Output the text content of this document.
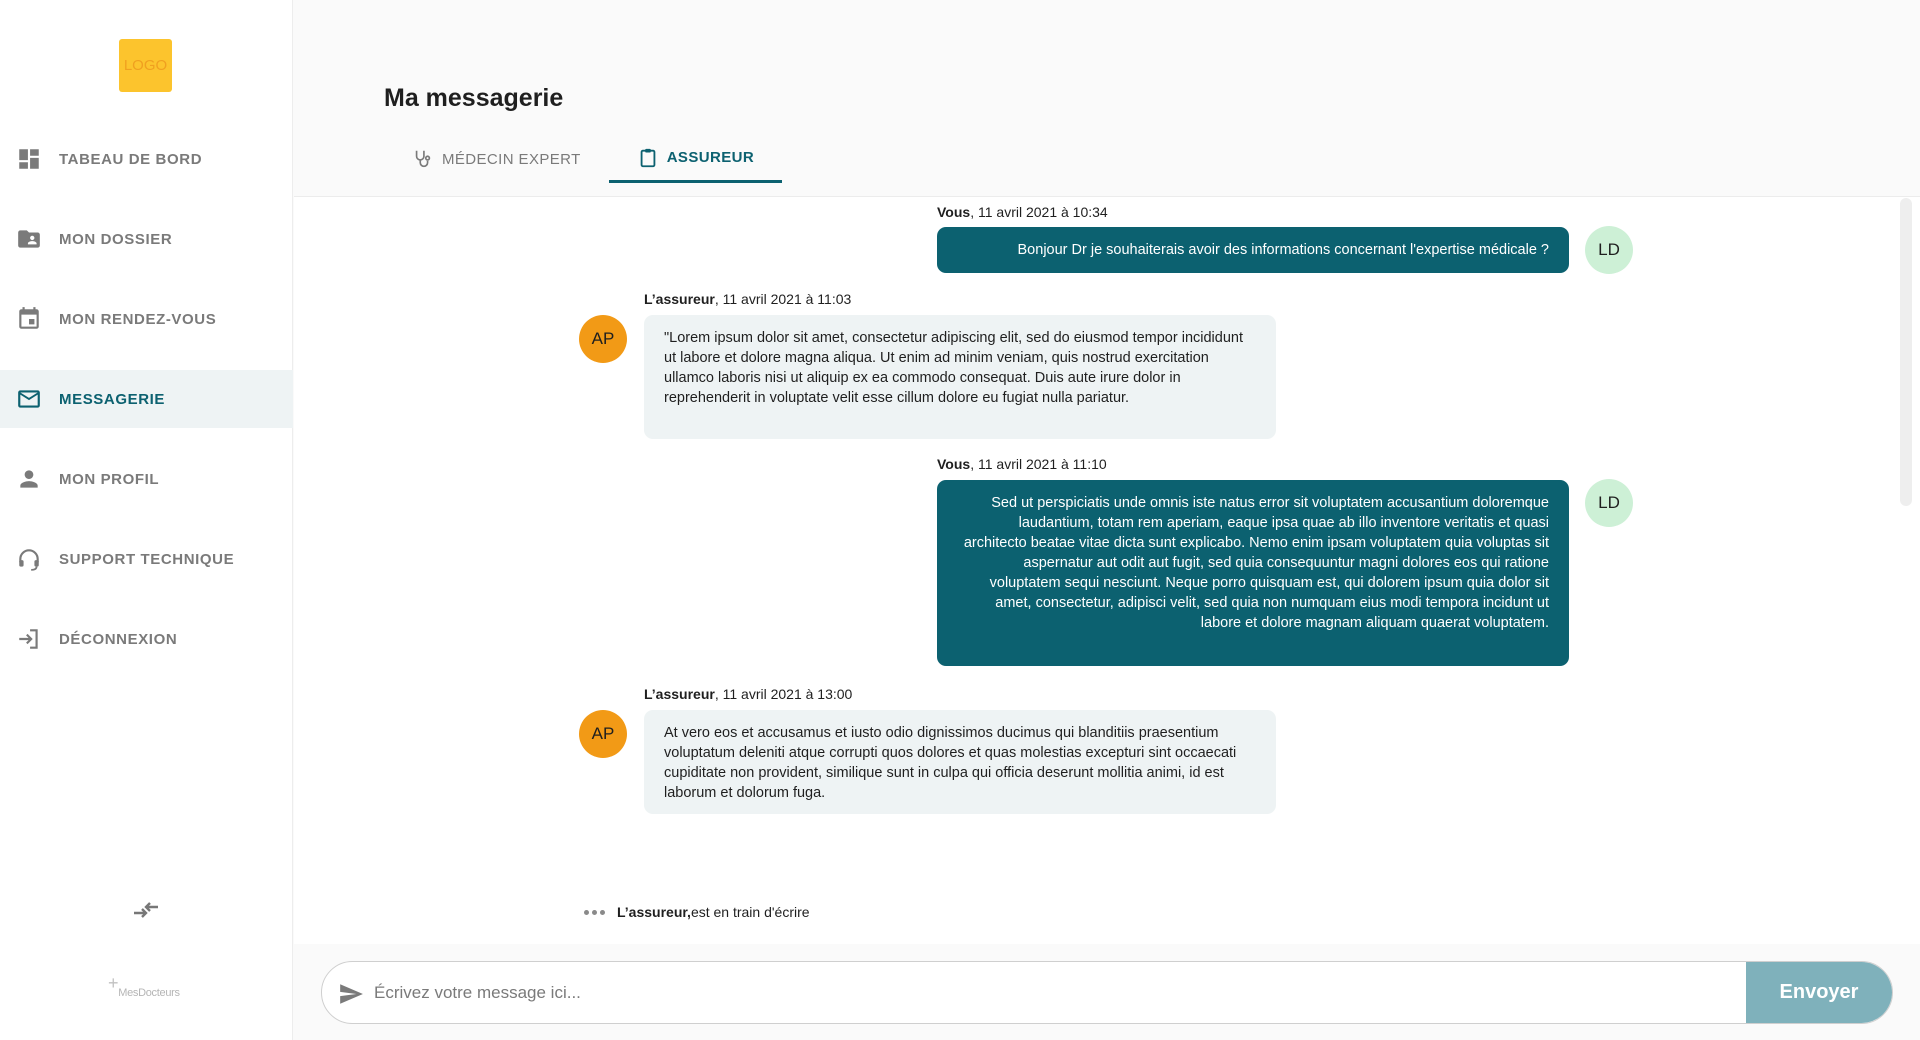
LOGO
TABEAU DE BORD
MON DOSSIER
MON RENDEZ-VOUS
MESSAGERIE
MON PROFIL
SUPPORT TECHNIQUE
DÉCONNEXION
+MesDocteurs
Ma messagerie
MÉDECIN EXPERT	ASSUREUR
Vous, 11 avril 2021 à 10:34
Bonjour Dr je souhaiterais avoir des informations concernant l'expertise médicale ?	LD
L’assureur, 11 avril 2021 à 11:03
"Lorem ipsum dolor sit amet, consectetur adipiscing elit, sed do eiusmod tempor incididunt ut labore et dolore magna aliqua. Ut enim ad minim veniam, quis nostrud exercitation ullamco laboris nisi ut aliquip ex ea commodo consequat. Duis aute irure dolor in reprehenderit in voluptate velit esse cillum dolore eu fugiat nulla pariatur.
AP
Vous, 11 avril 2021 à 11:10
Sed ut perspiciatis unde omnis iste natus error sit voluptatem accusantium doloremque laudantium, totam rem aperiam, eaque ipsa quae ab illo inventore veritatis et quasi architecto beatae vitae dicta sunt explicabo. Nemo enim ipsam voluptatem quia voluptas sit aspernatur aut odit aut fugit, sed quia consequuntur magni dolores eos qui ratione voluptatem sequi nesciunt. Neque porro quisquam est, qui dolorem ipsum quia dolor sit amet, consectetur, adipisci velit, sed quia non numquam eius modi tempora incidunt ut labore et dolore magnam aliquam quaerat voluptatem.
LD
L’assureur, 11 avril 2021 à 13:00
At vero eos et accusamus et iusto odio dignissimos ducimus qui blanditiis praesentium voluptatum deleniti atque corrupti quos dolores et quas molestias excepturi sint occaecati cupiditate non provident, similique sunt in culpa qui officia deserunt mollitia animi, id est laborum et dolorum fuga.
AP
L’assureur, est en train d'écrire
Écrivez votre message ici...
Envoyer
